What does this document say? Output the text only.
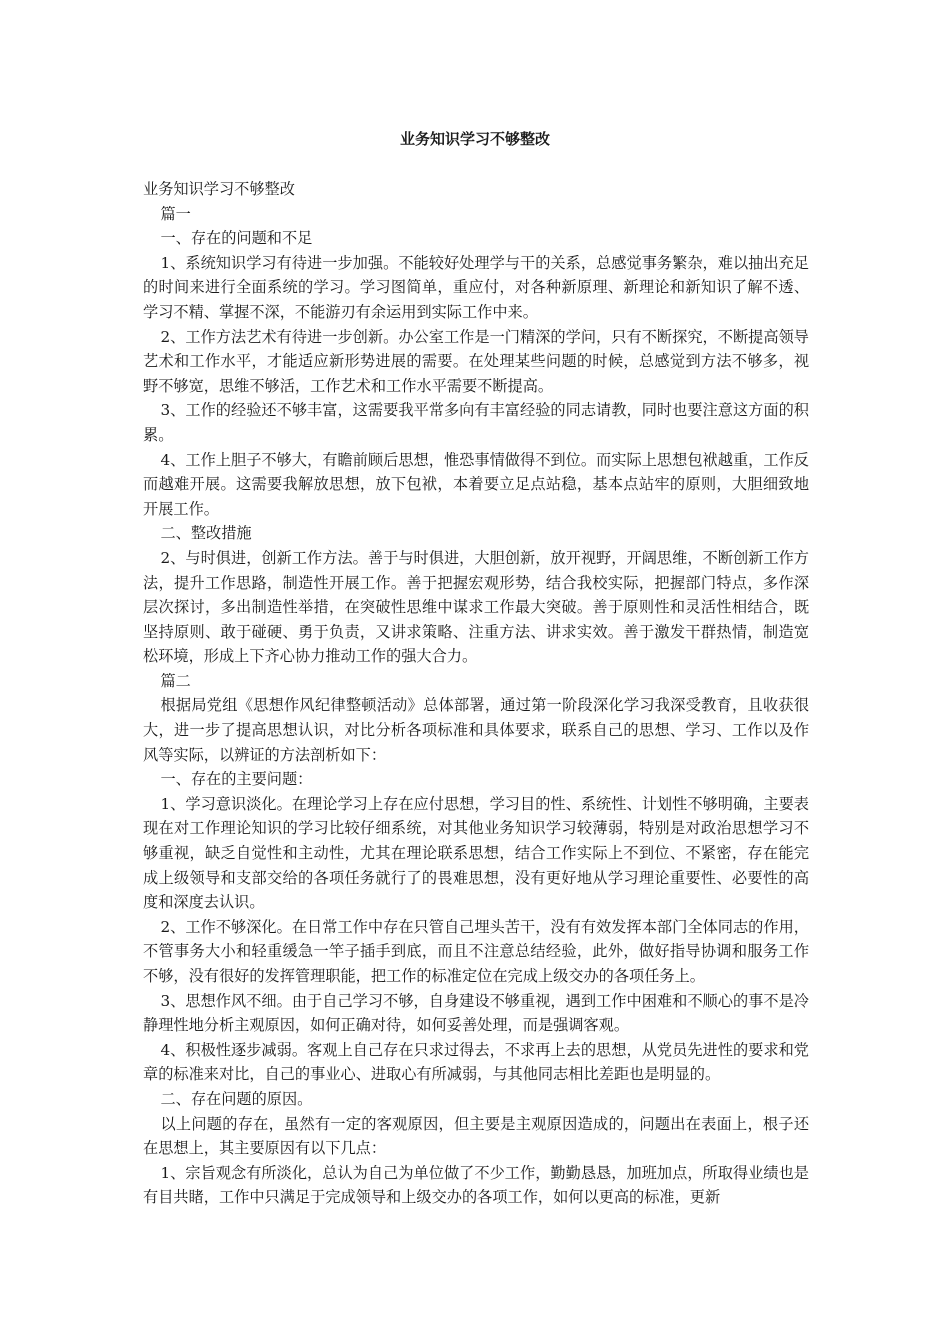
业务知识学习不够整改

业务知识学习不够整改

篇一

一、存在的问题和不足

1、系统知识学习有待进一步加强。不能较好处理学与干的关系，总感觉事务繁杂，难以抽出充足的时间来进行全面系统的学习。学习图简单，重应付，对各种新原理、新理论和新知识了解不透、学习不精、掌握不深，不能游刃有余运用到实际工作中来。

2、工作方法艺术有待进一步创新。办公室工作是一门精深的学问，只有不断探究，不断提高领导艺术和工作水平，才能适应新形势进展的需要。在处理某些问题的时候，总感觉到方法不够多，视野不够宽，思维不够活，工作艺术和工作水平需要不断提高。

3、工作的经验还不够丰富，这需要我平常多向有丰富经验的同志请教，同时也要注意这方面的积累。

4、工作上胆子不够大，有瞻前顾后思想，惟恐事情做得不到位。而实际上思想包袱越重，工作反而越难开展。这需要我解放思想，放下包袱，本着要立足点站稳，基本点站牢的原则，大胆细致地开展工作。

二、整改措施

2、与时俱进，创新工作方法。善于与时俱进，大胆创新，放开视野，开阔思维，不断创新工作方法，提升工作思路，制造性开展工作。善于把握宏观形势，结合我校实际，把握部门特点，多作深层次探讨，多出制造性举措，在突破性思维中谋求工作最大突破。善于原则性和灵活性相结合，既坚持原则、敢于碰硬、勇于负责，又讲求策略、注重方法、讲求实效。善于激发干群热情，制造宽松环境，形成上下齐心协力推动工作的强大合力。

篇二

根据局党组《思想作风纪律整顿活动》总体部署，通过第一阶段深化学习我深受教育，且收获很大，进一步了提高思想认识，对比分析各项标准和具体要求，联系自己的思想、学习、工作以及作风等实际，以辨证的方法剖析如下：

一、存在的主要问题：

1、学习意识淡化。在理论学习上存在应付思想，学习目的性、系统性、计划性不够明确，主要表现在对工作理论知识的学习比较仔细系统，对其他业务知识学习较薄弱，特别是对政治思想学习不够重视，缺乏自觉性和主动性，尤其在理论联系思想，结合工作实际上不到位、不紧密，存在能完成上级领导和支部交给的各项任务就行了的畏难思想，没有更好地从学习理论重要性、必要性的高度和深度去认识。

2、工作不够深化。在日常工作中存在只管自己埋头苦干，没有有效发挥本部门全体同志的作用，不管事务大小和轻重缓急一竿子插手到底，而且不注意总结经验，此外，做好指导协调和服务工作不够，没有很好的发挥管理职能，把工作的标准定位在完成上级交办的各项任务上。

3、思想作风不细。由于自己学习不够，自身建设不够重视，遇到工作中困难和不顺心的事不是冷静理性地分析主观原因，如何正确对待，如何妥善处理，而是强调客观。

4、积极性逐步减弱。客观上自己存在只求过得去，不求再上去的思想，从党员先进性的要求和党章的标准来对比，自己的事业心、进取心有所减弱，与其他同志相比差距也是明显的。

二、存在问题的原因。

以上问题的存在，虽然有一定的客观原因，但主要是主观原因造成的，问题出在表面上，根子还在思想上，其主要原因有以下几点：

1、宗旨观念有所淡化，总认为自己为单位做了不少工作，勤勤恳恳，加班加点，所取得业绩也是有目共睹，工作中只满足于完成领导和上级交办的各项工作，如何以更高的标准，更新
